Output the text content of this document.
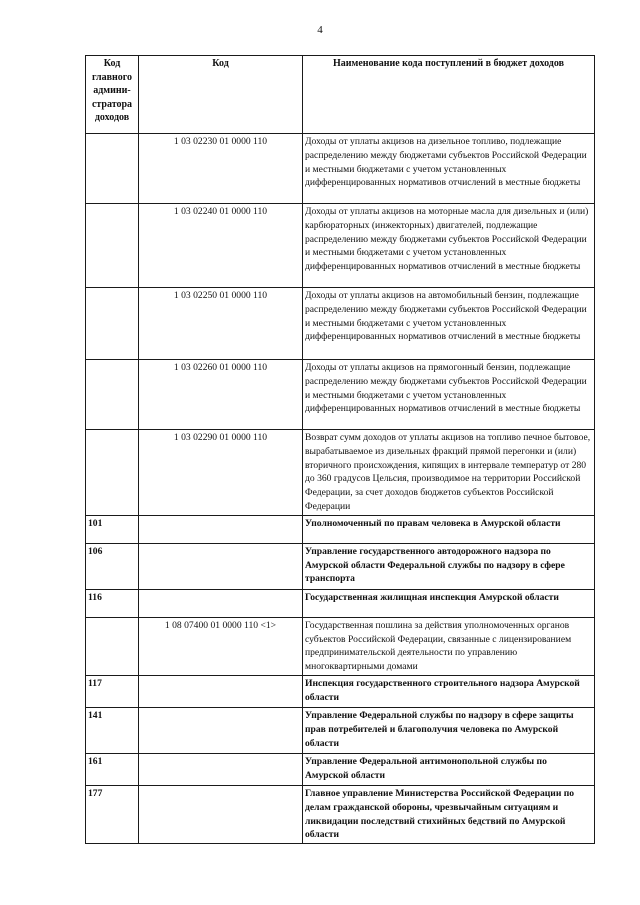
4
Код главного админи-стратора доходов	Код	Наименование кода поступлений в бюджет доходов
	1 03 02230 01 0000 110	Доходы от уплаты акцизов на дизельное топливо, подлежащие распределению между бюджетами субъектов Российской Федерации и местными бюджетами с учетом установленных дифференцированных нормативов отчислений в местные бюджеты
	1 03 02240 01 0000 110	Доходы от уплаты акцизов на моторные масла для дизельных и (или) карбюраторных (инжекторных) двигателей, подлежащие распределению между бюджетами субъектов Российской Федерации и местными бюджетами с учетом установленных дифференцированных нормативов отчислений в местные бюджеты
	1 03 02250 01 0000 110	Доходы от уплаты акцизов на автомобильный бензин, подлежащие распределению между бюджетами субъектов Российской Федерации и местными бюджетами с учетом установленных дифференцированных нормативов отчислений в местные бюджеты
	1 03 02260 01 0000 110	Доходы от уплаты акцизов на прямогонный бензин, подлежащие распределению между бюджетами субъектов Российской Федерации и местными бюджетами с учетом установленных дифференцированных нормативов отчислений в местные бюджеты
	1 03 02290 01 0000 110	Возврат сумм доходов от уплаты акцизов на топливо печное бытовое, вырабатываемое из дизельных фракций прямой перегонки и (или) вторичного происхождения, кипящих в интервале температур от 280 до 360 градусов Цельсия, производимое на территории Российской Федерации, за счет доходов бюджетов субъектов Российской Федерации
101		Уполномоченный по правам человека в Амурской области
106		Управление государственного автодорожного надзора по Амурской области Федеральной службы по надзору в сфере транспорта
116		Государственная жилищная инспекция Амурской области
	1 08 07400 01 0000 110 <1>	Государственная пошлина за действия уполномоченных органов субъектов Российской Федерации, связанные с лицензированием предпринимательской деятельности по управлению многоквартирными домами
117		Инспекция государственного строительного надзора Амурской области
141		Управление Федеральной службы по надзору в сфере защиты прав потребителей и благополучия человека по Амурской области
161		Управление Федеральной антимонопольной службы по Амурской области
177		Главное управление Министерства Российской Федерации по делам гражданской обороны, чрезвычайным ситуациям и ликвидации последствий стихийных бедствий по Амурской области
